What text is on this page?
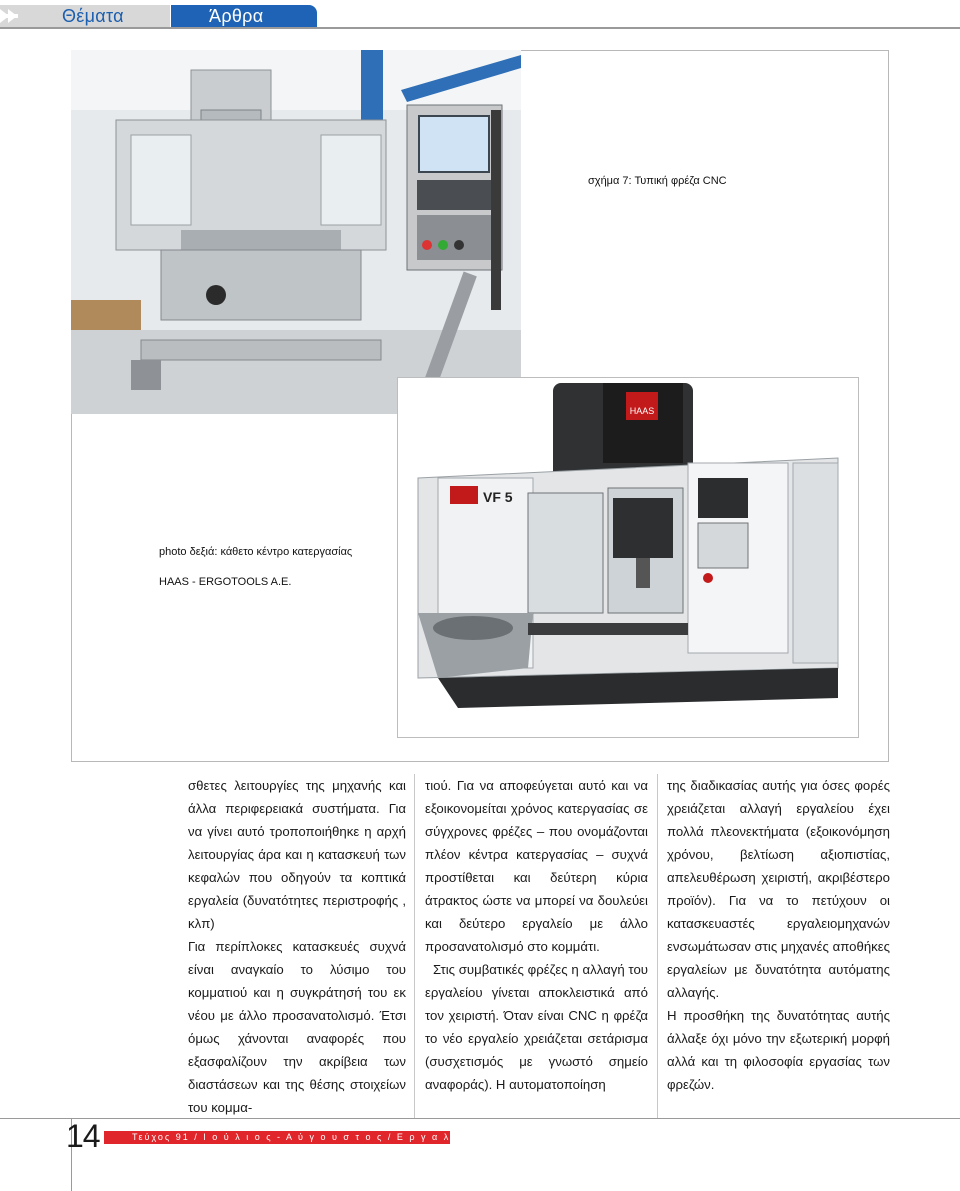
Θέματα	Άρθρα
σχήμα 7: Τυπική φρέζα CNC
photo δεξιά: κάθετο κέντρο κατεργασίας
HAAS - ERGOTOOLS A.E.
HAAS
VF 5

σθετες λειτουργίες της μηχανής και άλλα περιφερειακά συστήματα. Για να γίνει αυτό τροποποιήθηκε η αρχή λειτουργίας άρα και η κατασκευή των κεφαλών που οδηγούν τα κοπτικά εργαλεία (δυνατότητες περιστροφής , κλπ)

Για περίπλοκες κατασκευές συχνά είναι αναγκαίο το λύσιμο του κομματιού και η συγκράτησή του εκ νέου με άλλο προσανατολισμό. Έτσι όμως χάνονται αναφορές που εξασφαλίζουν την ακρίβεια των διαστάσεων και της θέσης στοιχείων του κομμα-

τιού. Για να αποφεύγεται αυτό και να εξοικονομείται χρόνος κατεργασίας σε σύγχρονες φρέζες – που ονομάζονται πλέον κέντρα κατεργασίας – συχνά προστίθεται και δεύτερη κύρια άτρακτος ώστε να μπορεί να δουλεύει και δεύτερο εργαλείο με άλλο προσανατολισμό στο κομμάτι.

Στις συμβατικές φρέζες η αλλαγή του εργαλείου γίνεται αποκλειστικά από τον χειριστή. Όταν είναι CNC η φρέζα το νέο εργαλείο χρειάζεται σετάρισμα (συσχετισμός με γνωστό σημείο αναφοράς). Η αυτοματοποίηση

της διαδικασίας αυτής για όσες φορές χρειάζεται αλλαγή εργαλείου έχει πολλά πλεονεκτήματα (εξοικονόμηση χρόνου, βελτίωση αξιοπιστίας, απελευθέρωση χειριστή, ακριβέστερο προϊόν). Για να το πετύχουν οι κατασκευαστές εργαλειομηχανών ενσωμάτωσαν στις μηχανές αποθήκες εργαλείων με δυνατότητα αυτόματης αλλαγής.

Η προσθήκη της δυνατότητας αυτής άλλαξε όχι μόνο την εξωτερική μορφή αλλά και τη φιλοσοφία εργασίας των φρεζών.

14	Τεύχος 91 / Ι ο ύ λ ι ο ς - Α ύ γ ο υ σ τ ο ς / Ε ρ γ α λ ε ι ο μ η χ α ν έ ς
